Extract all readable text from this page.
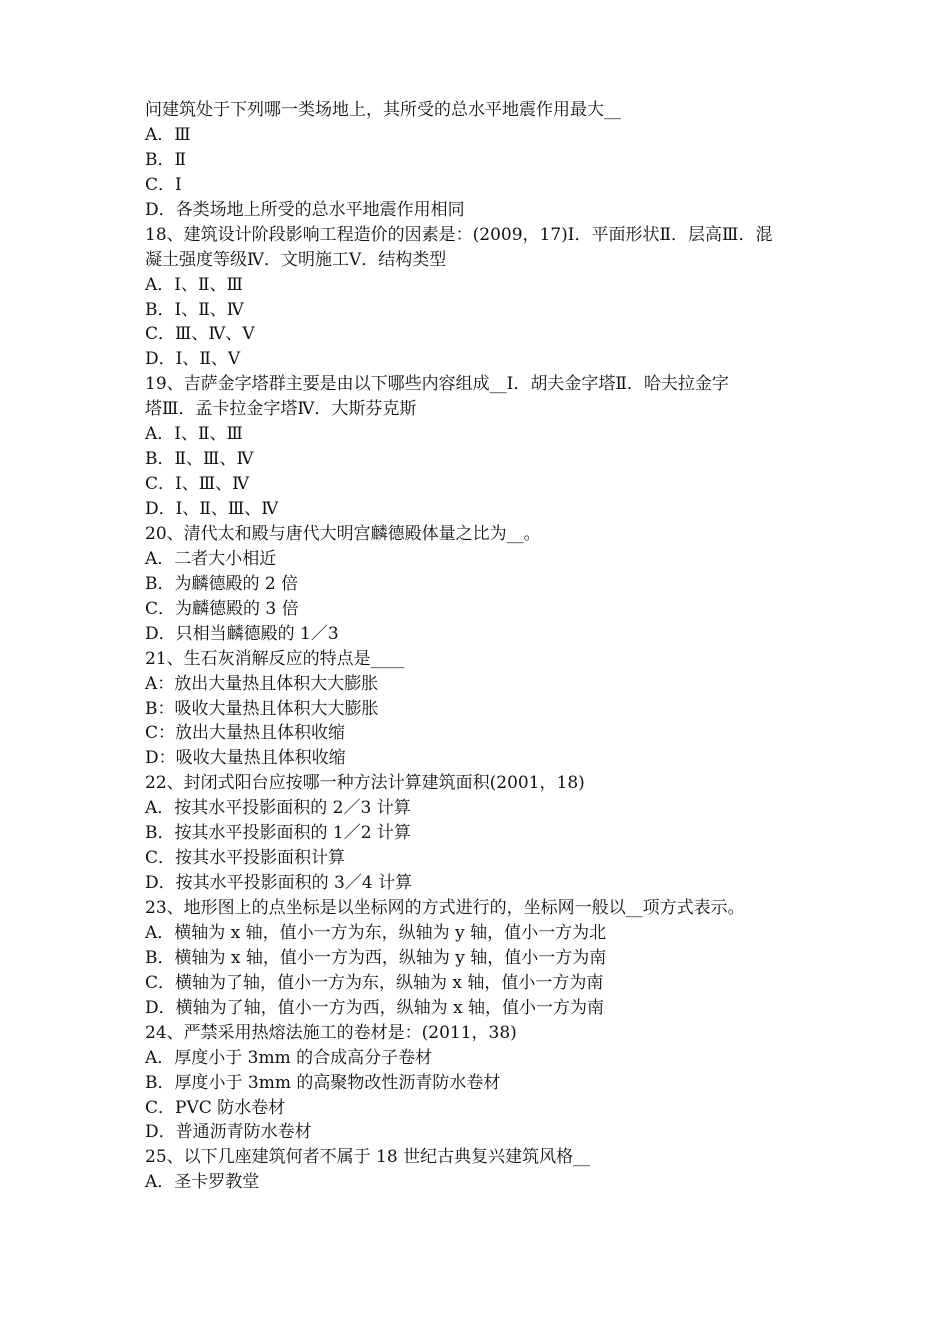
问建筑处于下列哪一类场地上，其所受的总水平地震作用最大__
A．Ⅲ
B．Ⅱ
C．Ⅰ
D．各类场地上所受的总水平地震作用相同
18、建筑设计阶段影响工程造价的因素是：(2009，17)Ⅰ．平面形状Ⅱ．层高Ⅲ．混
凝土强度等级Ⅳ．文明施工Ⅴ．结构类型
A．Ⅰ、Ⅱ、Ⅲ
B．Ⅰ、Ⅱ、Ⅳ
C．Ⅲ、Ⅳ、Ⅴ
D．Ⅰ、Ⅱ、Ⅴ
19、吉萨金字塔群主要是由以下哪些内容组成__Ⅰ．胡夫金字塔Ⅱ．哈夫拉金字
塔Ⅲ．孟卡拉金字塔Ⅳ．大斯芬克斯
A．Ⅰ、Ⅱ、Ⅲ
B．Ⅱ、Ⅲ、Ⅳ
C．Ⅰ、Ⅲ、Ⅳ
D．Ⅰ、Ⅱ、Ⅲ、Ⅳ
20、清代太和殿与唐代大明宫麟德殿体量之比为__。
A．二者大小相近
B．为麟德殿的 2 倍
C．为麟德殿的 3 倍
D．只相当麟德殿的 1／3
21、生石灰消解反应的特点是____
A：放出大量热且体积大大膨胀
B：吸收大量热且体积大大膨胀
C：放出大量热且体积收缩
D：吸收大量热且体积收缩
22、封闭式阳台应按哪一种方法计算建筑面积(2001，18)
A．按其水平投影面积的 2／3 计算
B．按其水平投影面积的 1／2 计算
C．按其水平投影面积计算
D．按其水平投影面积的 3／4 计算
23、地形图上的点坐标是以坐标网的方式进行的，坐标网一般以__项方式表示。
A．横轴为 x 轴，值小一方为东，纵轴为 y 轴，值小一方为北
B．横轴为 x 轴，值小一方为西，纵轴为 y 轴，值小一方为南
C．横轴为了轴，值小一方为东，纵轴为 x 轴，值小一方为南
D．横轴为了轴，值小一方为西，纵轴为 x 轴，值小一方为南
24、严禁采用热熔法施工的卷材是：(2011，38)
A．厚度小于 3mm 的合成高分子卷材
B．厚度小于 3mm 的高聚物改性沥青防水卷材
C．PVC 防水卷材
D．普通沥青防水卷材
25、以下几座建筑何者不属于 18 世纪古典复兴建筑风格__
A．圣卡罗教堂
